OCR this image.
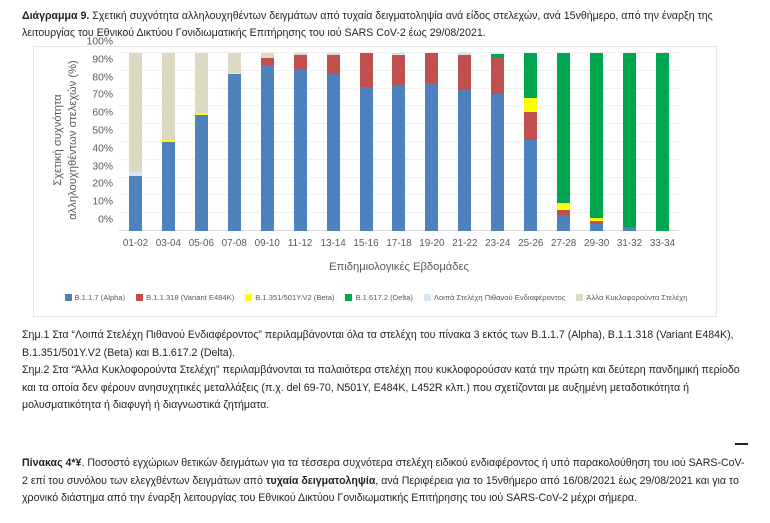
Διάγραμμα 9. Σχετική συχνότητα αλληλουχηθέντων δειγμάτων από τυχαία δειγματοληψία ανά είδος στελεχών, ανά 15νθήμερο, από την έναρξη της λειτουργίας του Εθνικού Δικτύου Γονιδιωματικής Επιτήρησης του ιού SARS CoV-2 έως 29/08/2021.
Σχετική συχνότητα αλληλουχηθέντων στελεχών (%)
0%
10%
20%
30%
40%
50%
60%
70%
80%
90%
100%
01-02 03-04 05-06 07-08 09-10 11-12 13-14 15-16 17-18 19-20 21-22 23-24 25-26 27-28 29-30 31-32 33-34
Επιδημιολογικές Εβδομάδες
B.1.1.7 (Alpha)	B.1.1.318 (Variant E484K)	B.1.351/501Y.V2 (Beta)	B.1.617.2 (Delta)	Λοιπά Στελέχη Πιθανού Ενδιαφέροντος	Άλλα Κυκλοφορούντα Στελέχη
Σημ.1 Στα “Λοιπά Στελέχη Πιθανού Ενδιαφέροντος” περιλαμβάνονται όλα τα στελέχη του πίνακα 3 εκτός των B.1.1.7 (Alpha), B.1.1.318 (Variant E484K), B.1.351/501Y.V2 (Beta) και B.1.617.2 (Delta).
Σημ.2 Στα “Άλλα Κυκλοφορούντα Στελέχη” περιλαμβάνονται τα παλαιότερα στελέχη που κυκλοφορούσαν κατά την πρώτη και δεύτερη πανδημική περίοδο και τα οποία δεν φέρουν ανησυχητικές μεταλλάξεις (π.χ. del 69-70, N501Y, E484K, L452R κλπ.) που σχετίζονται με αυξημένη μεταδοτικότητα ή μολυσματικότητα ή διαφυγή ή διαγνωστικά ζητήματα.
Πίνακας 4*¥. Ποσοστό εγχώριων θετικών δειγμάτων για τα τέσσερα συχνότερα στελέχη ειδικού ενδιαφέροντος ή υπό παρακολούθηση του ιού SARS-CoV-2 επί του συνόλου των ελεγχθέντων δειγμάτων από τυχαία δειγματοληψία, ανά Περιφέρεια για το 15νθήμερο από 16/08/2021 έως 29/08/2021 και για το χρονικό διάστημα από την έναρξη λειτουργίας του Εθνικού Δικτύου Γονιδιωματικής Επιτήρησης του ιού SARS-CoV-2 μέχρι σήμερα.
